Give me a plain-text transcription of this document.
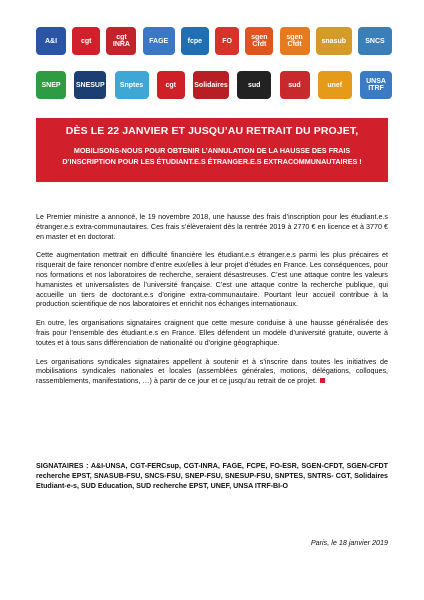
A&I	cgt	cgt INRA	FAGE	fcpe	FO	sgen Cfdt
sgen Cfdt	snasub	SNCS
SNEP	SNESUP	Snptes	cgt	Solidaires	sud	sud	unef	UNSA ITRF
DÈS LE 22 JANVIER ET JUSQU’AU RETRAIT DU PROJET,
MOBILISONS-NOUS POUR OBTENIR L’ANNULATION DE LA HAUSSE DES FRAIS
D’INSCRIPTION POUR LES ÉTUDIANT.E.S ÉTRANGER.E.S EXTRACOMMUNAUTAIRES !

Le Premier ministre a annoncé, le 19 novembre 2018, une hausse des frais d’inscription pour les étudiant.e.s étranger.e.s extra-communautaires. Ces frais s’élèveraient dès la rentrée 2019 à 2770 € en licence et à 3770 € en master et en doctorat.

Cette augmentation mettrait en difficulté financière les étudiant.e.s étranger.e.s parmi les plus précaires et risquerait de faire renoncer nombre d’entre eux/elles à leur projet d’études en France. Les conséquences, pour nos formations et nos laboratoires de recherche, seraient désastreuses. C’est une attaque contre les valeurs humanistes et universalistes de l’université française. C’est une attaque contre la recherche publique, qui accueille un tiers de doctorant.e.s d’origine extra-communautaire. Pourtant leur accueil contribue à la production scientifique de nos laboratoires et enrichit nos échanges internationaux.

En outre, les organisations signataires craignent que cette mesure conduise à une hausse généralisée des frais pour l’ensemble des étudiant.e.s en France. Elles défendent un modèle d’université gratuite, ouverte à toutes et à tous sans différenciation de nationalité ou d’origine géographique.

Les organisations syndicales signataires appellent à soutenir et à s’inscrire dans toutes les initiatives de mobilisations syndicales nationales et locales (assemblées générales, motions, délégations, colloques, rassemblements, manifestations, …) à partir de ce jour et ce jusqu’au retrait de ce projet.

SIGNATAIRES : A&I-UNSA, CGT-FERCsup, CGT-INRA, FAGE, FCPE, FO-ESR, SGEN-CFDT, SGEN-CFDT recherche EPST, SNASUB-FSU, SNCS-FSU, SNEP-FSU, SNESUP-FSU, SNPTES, SNTRS- CGT, Solidaires Etudiant-e-s, SUD Education, SUD recherche EPST, UNEF, UNSA ITRF-BI-O
Paris, le 18 janvier 2019
